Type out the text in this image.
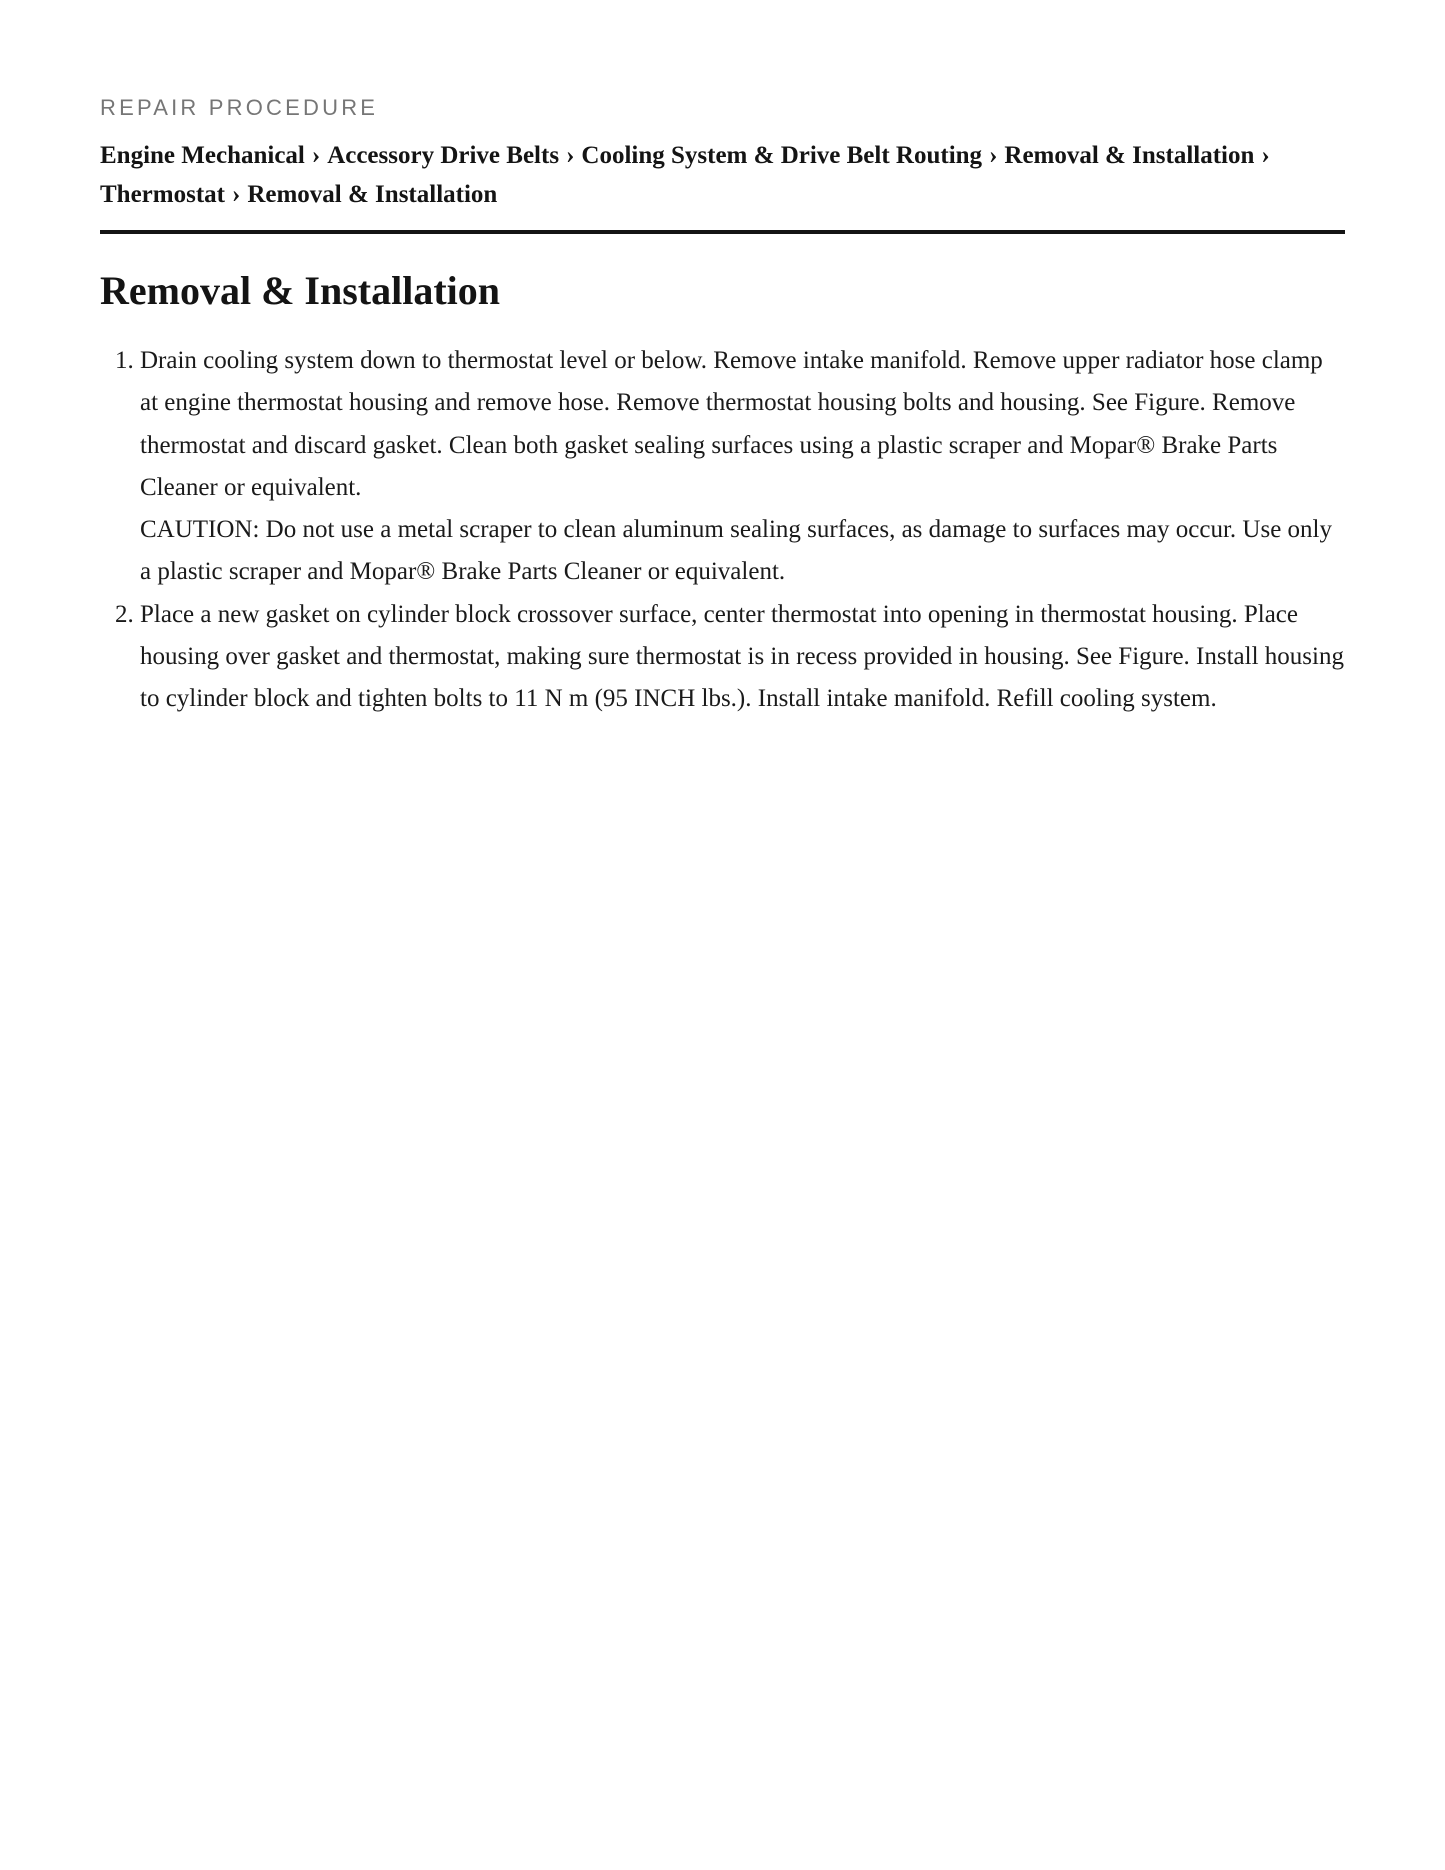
REPAIR PROCEDURE
Engine Mechanical › Accessory Drive Belts › Cooling System & Drive Belt Routing › Removal & Installation › Thermostat › Removal & Installation
Removal & Installation
1. Drain cooling system down to thermostat level or below. Remove intake manifold. Remove upper radiator hose clamp at engine thermostat housing and remove hose. Remove thermostat housing bolts and housing. See Figure. Remove thermostat and discard gasket. Clean both gasket sealing surfaces using a plastic scraper and Mopar® Brake Parts Cleaner or equivalent.
CAUTION: Do not use a metal scraper to clean aluminum sealing surfaces, as damage to surfaces may occur. Use only a plastic scraper and Mopar® Brake Parts Cleaner or equivalent.
2. Place a new gasket on cylinder block crossover surface, center thermostat into opening in thermostat housing. Place housing over gasket and thermostat, making sure thermostat is in recess provided in housing. See Figure. Install housing to cylinder block and tighten bolts to 11 N m (95 INCH lbs.). Install intake manifold. Refill cooling system.
